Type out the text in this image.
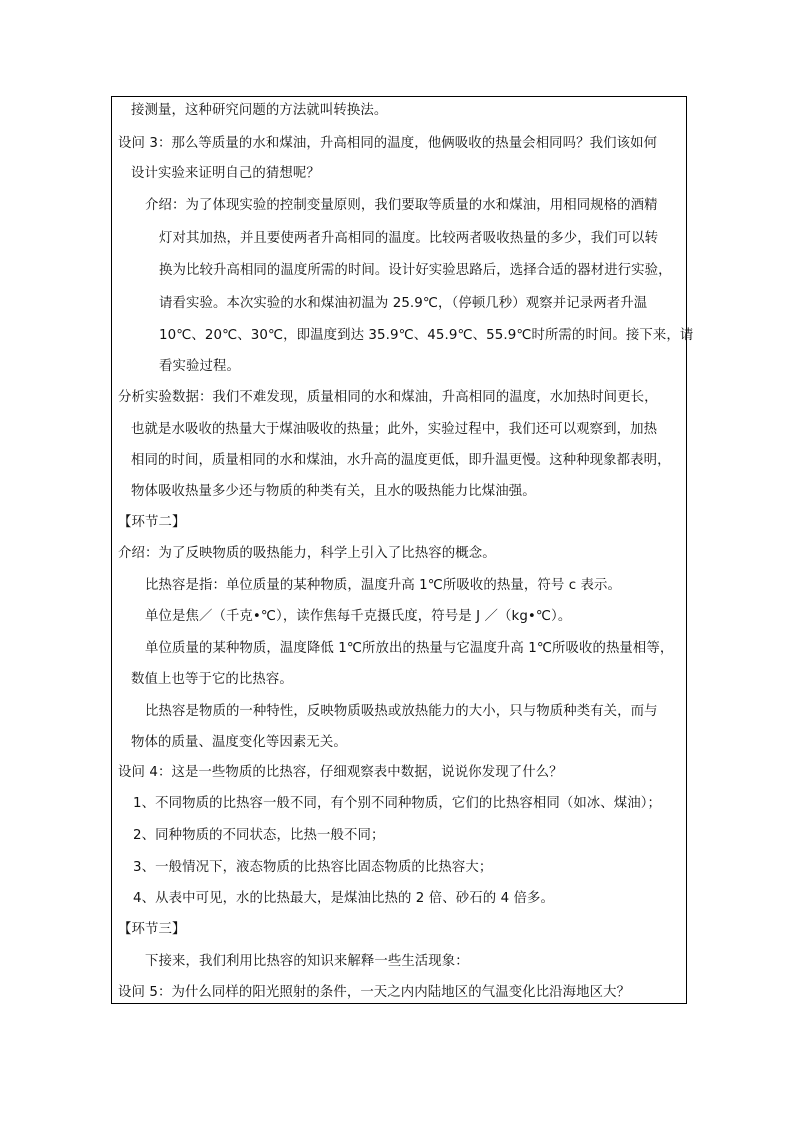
接测量，这种研究问题的方法就叫转换法。
设问 3：那么等质量的水和煤油，升高相同的温度，他俩吸收的热量会相同吗？我们该如何
设计实验来证明自己的猜想呢？
介绍：为了体现实验的控制变量原则，我们要取等质量的水和煤油，用相同规格的酒精
灯对其加热，并且要使两者升高相同的温度。比较两者吸收热量的多少，我们可以转
换为比较升高相同的温度所需的时间。设计好实验思路后，选择合适的器材进行实验，
请看实验。本次实验的水和煤油初温为 25.9℃，（停顿几秒）观察并记录两者升温
10℃、20℃、30℃，即温度到达 35.9℃、45.9℃、55.9℃时所需的时间。接下来，请
看实验过程。
分析实验数据：我们不难发现，质量相同的水和煤油，升高相同的温度，水加热时间更长，
也就是水吸收的热量大于煤油吸收的热量；此外，实验过程中，我们还可以观察到，加热
相同的时间，质量相同的水和煤油，水升高的温度更低，即升温更慢。这种种现象都表明，
物体吸收热量多少还与物质的种类有关，且水的吸热能力比煤油强。
【环节二】
介绍：为了反映物质的吸热能力，科学上引入了比热容的概念。
比热容是指：单位质量的某种物质，温度升高 1℃所吸收的热量，符号 c 表示。
单位是焦／（千克•℃），读作焦每千克摄氏度，符号是 J ／（kg•℃）。
单位质量的某种物质，温度降低 1℃所放出的热量与它温度升高 1℃所吸收的热量相等，
数值上也等于它的比热容。
比热容是物质的一种特性，反映物质吸热或放热能力的大小，只与物质种类有关，而与
物体的质量、温度变化等因素无关。
设问 4：这是一些物质的比热容，仔细观察表中数据，说说你发现了什么？
1、不同物质的比热容一般不同，有个别不同种物质，它们的比热容相同（如冰、煤油）；
2、同种物质的不同状态，比热一般不同；
3、一般情况下，液态物质的比热容比固态物质的比热容大；
4、从表中可见，水的比热最大，是煤油比热的 2 倍、砂石的 4 倍多。
【环节三】
下接来，我们利用比热容的知识来解释一些生活现象：
设问 5：为什么同样的阳光照射的条件，一天之内内陆地区的气温变化比沿海地区大？
